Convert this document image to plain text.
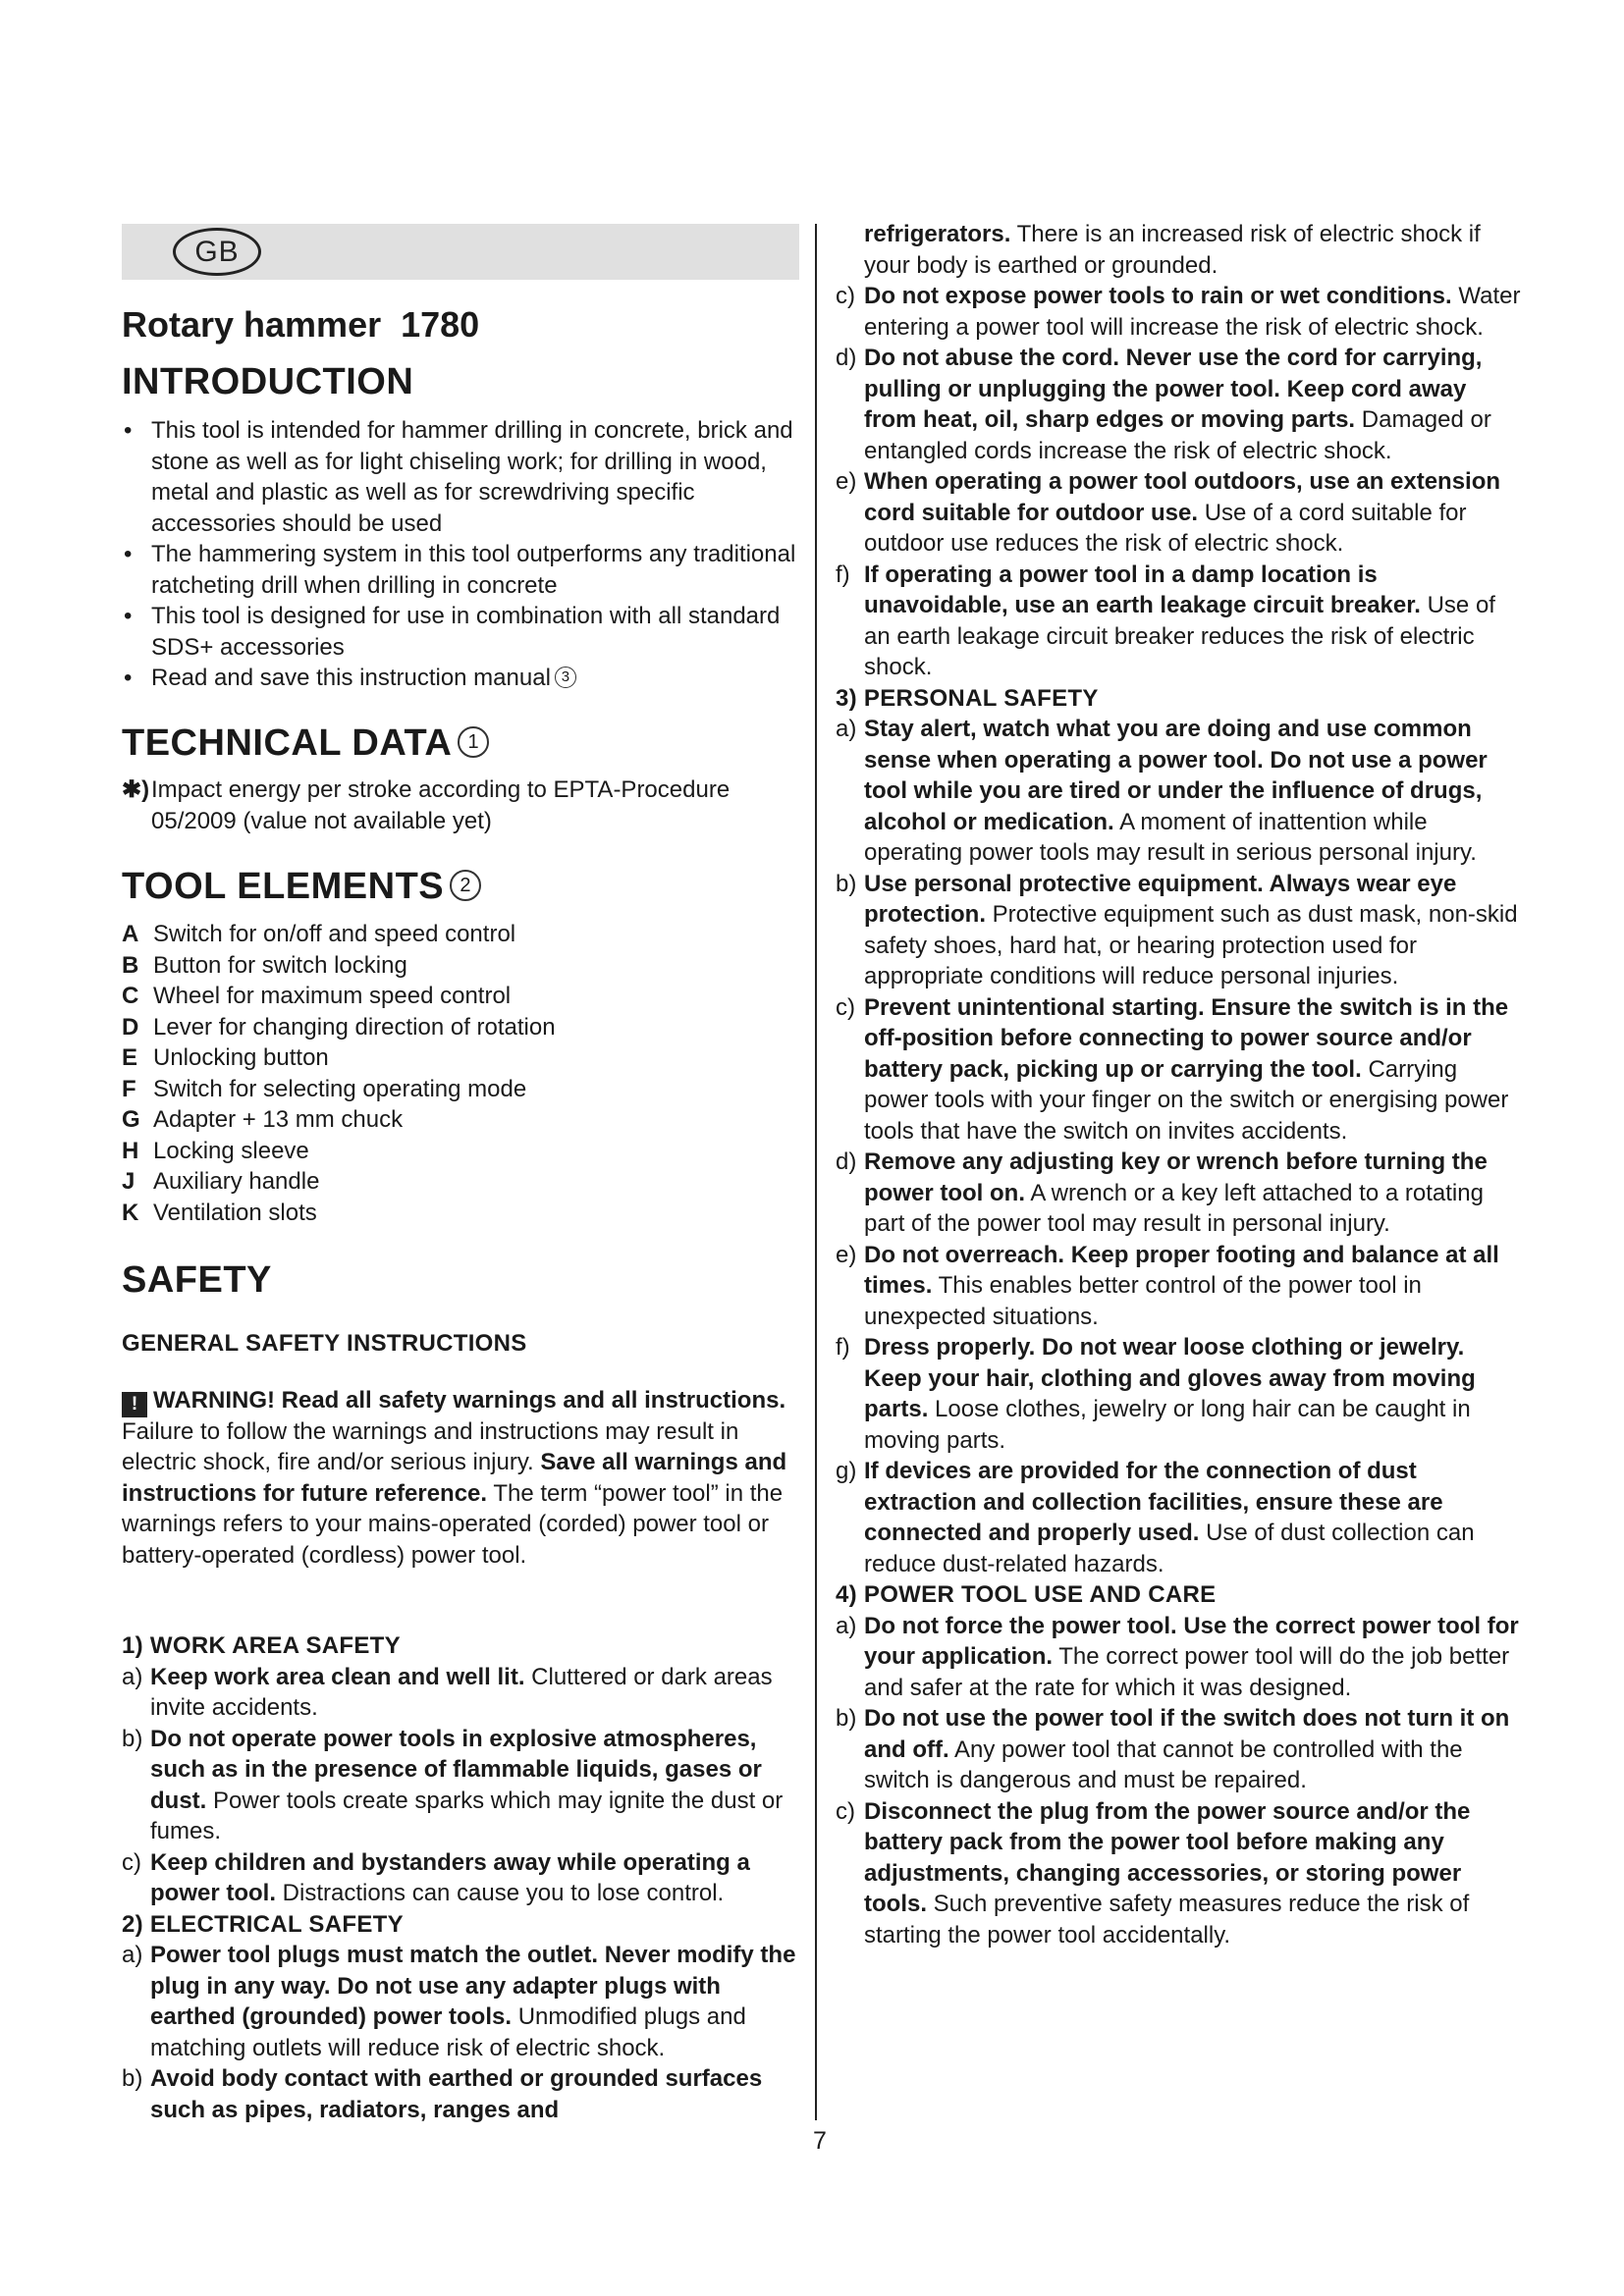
GB
Rotary hammer  1780
INTRODUCTION
• This tool is intended for hammer drilling in concrete, brick and stone as well as for light chiseling work; for drilling in wood, metal and plastic as well as for screwdriving specific accessories should be used
• The hammering system in this tool outperforms any traditional ratcheting drill when drilling in concrete
• This tool is designed for use in combination with all standard SDS+ accessories
• Read and save this instruction manual 3
TECHNICAL DATA 1
✱) Impact energy per stroke according to EPTA-Procedure 05/2009 (value not available yet)
TOOL ELEMENTS 2
A Switch for on/off and speed control
B Button for switch locking
C Wheel for maximum speed control
D Lever for changing direction of rotation
E Unlocking button
F Switch for selecting operating mode
G Adapter + 13 mm chuck
H Locking sleeve
J Auxiliary handle
K Ventilation slots
SAFETY
GENERAL SAFETY INSTRUCTIONS
! WARNING! Read all safety warnings and all instructions. Failure to follow the warnings and instructions may result in electric shock, fire and/or serious injury. Save all warnings and instructions for future reference. The term “power tool” in the warnings refers to your mains-operated (corded) power tool or battery-operated (cordless) power tool.
1) WORK AREA SAFETY
a) Keep work area clean and well lit. Cluttered or dark areas invite accidents.
b) Do not operate power tools in explosive atmospheres, such as in the presence of flammable liquids, gases or dust. Power tools create sparks which may ignite the dust or fumes.
c) Keep children and bystanders away while operating a power tool. Distractions can cause you to lose control.
2) ELECTRICAL SAFETY
a) Power tool plugs must match the outlet. Never modify the plug in any way. Do not use any adapter plugs with earthed (grounded) power tools. Unmodified plugs and matching outlets will reduce risk of electric shock.
b) Avoid body contact with earthed or grounded surfaces such as pipes, radiators, ranges and
refrigerators. There is an increased risk of electric shock if your body is earthed or grounded.
c) Do not expose power tools to rain or wet conditions. Water entering a power tool will increase the risk of electric shock.
d) Do not abuse the cord. Never use the cord for carrying, pulling or unplugging the power tool. Keep cord away from heat, oil, sharp edges or moving parts. Damaged or entangled cords increase the risk of electric shock.
e) When operating a power tool outdoors, use an extension cord suitable for outdoor use. Use of a cord suitable for outdoor use reduces the risk of electric shock.
f) If operating a power tool in a damp location is unavoidable, use an earth leakage circuit breaker. Use of an earth leakage circuit breaker reduces the risk of electric shock.
3) PERSONAL SAFETY
a) Stay alert, watch what you are doing and use common sense when operating a power tool. Do not use a power tool while you are tired or under the influence of drugs, alcohol or medication. A moment of inattention while operating power tools may result in serious personal injury.
b) Use personal protective equipment. Always wear eye protection. Protective equipment such as dust mask, non-skid safety shoes, hard hat, or hearing protection used for appropriate conditions will reduce personal injuries.
c) Prevent unintentional starting. Ensure the switch is in the off-position before connecting to power source and/or battery pack, picking up or carrying the tool. Carrying power tools with your finger on the switch or energising power tools that have the switch on invites accidents.
d) Remove any adjusting key or wrench before turning the power tool on. A wrench or a key left attached to a rotating part of the power tool may result in personal injury.
e) Do not overreach. Keep proper footing and balance at all times. This enables better control of the power tool in unexpected situations.
f) Dress properly. Do not wear loose clothing or jewelry. Keep your hair, clothing and gloves away from moving parts. Loose clothes, jewelry or long hair can be caught in moving parts.
g) If devices are provided for the connection of dust extraction and collection facilities, ensure these are connected and properly used. Use of dust collection can reduce dust-related hazards.
4) POWER TOOL USE AND CARE
a) Do not force the power tool. Use the correct power tool for your application. The correct power tool will do the job better and safer at the rate for which it was designed.
b) Do not use the power tool if the switch does not turn it on and off. Any power tool that cannot be controlled with the switch is dangerous and must be repaired.
c) Disconnect the plug from the power source and/or the battery pack from the power tool before making any adjustments, changing accessories, or storing power tools. Such preventive safety measures reduce the risk of starting the power tool accidentally.
7
